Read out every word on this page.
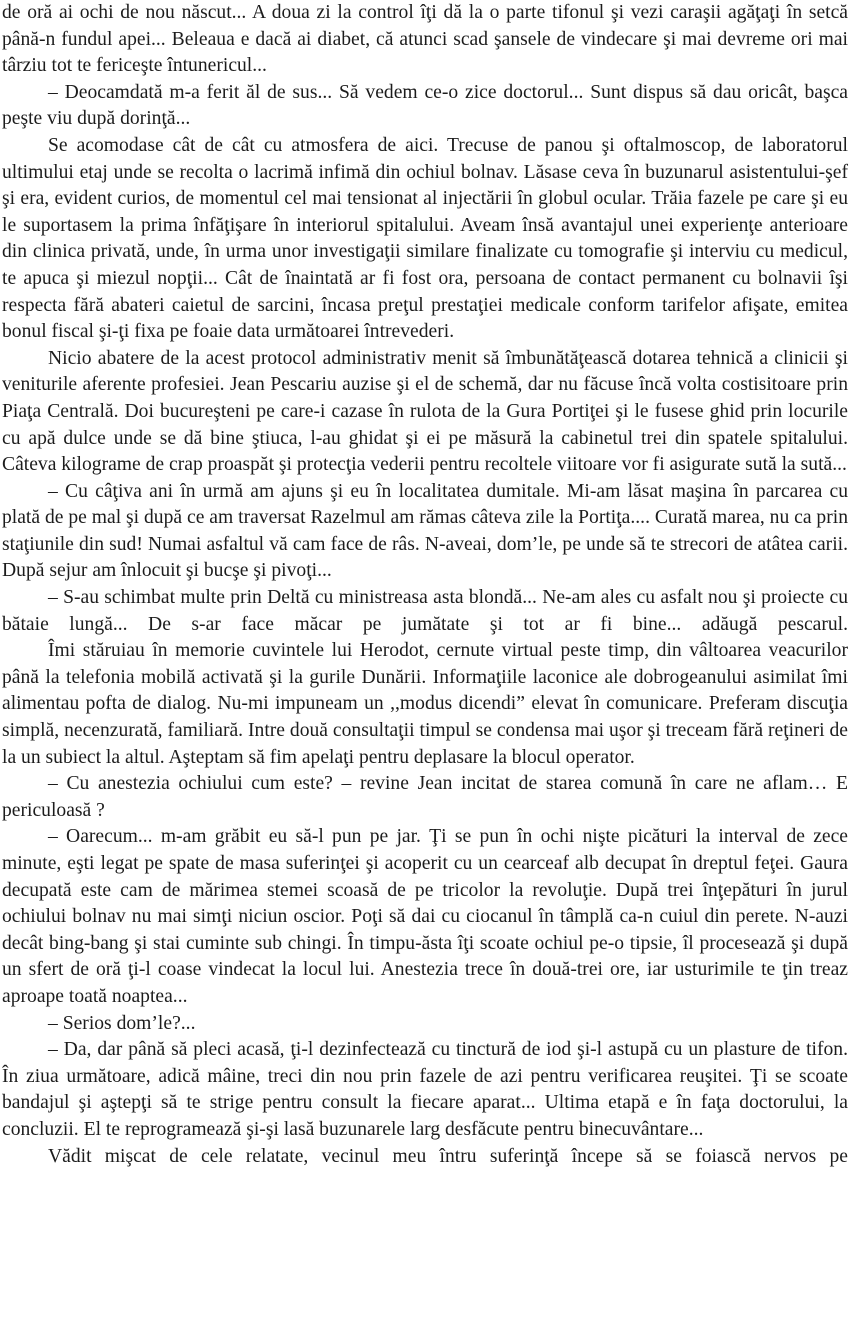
de oră ai ochi de nou născut... A doua zi la control îţi dă la o parte tifonul şi vezi caraşii agăţaţi în setcă până-n fundul apei... Beleaua e dacă ai diabet, că atunci scad şansele de vindecare şi mai devreme ori mai târziu tot te fericeşte întunericul...

– Deocamdată m-a ferit ăl de sus... Să vedem ce-o zice doctorul... Sunt dispus să dau oricât, başca peşte viu după dorinţă...

Se acomodase cât de cât cu atmosfera de aici. Trecuse de panou şi oftalmoscop, de laboratorul ultimului etaj unde se recolta o lacrimă infimă din ochiul bolnav. Lăsase ceva în buzunarul asistentului-şef şi era, evident curios, de momentul cel mai tensionat al injectării în globul ocular. Trăia fazele pe care şi eu le suportasem la prima înfăţişare în interiorul spitalului. Aveam însă avantajul unei experienţe anterioare din clinica privată, unde, în urma unor investigaţii similare finalizate cu tomografie şi interviu cu medicul, te apuca şi miezul nopţii... Cât de înaintată ar fi fost ora, persoana de contact permanent cu bolnavii îşi respecta fără abateri caietul de sarcini, încasa preţul prestaţiei medicale conform tarifelor afişate, emitea bonul fiscal şi-ţi fixa pe foaie data următoarei întrevederi.

Nicio abatere de la acest protocol administrativ menit să îmbunătăţească dotarea tehnică a clinicii şi veniturile aferente profesiei. Jean Pescariu auzise şi el de schemă, dar nu făcuse încă volta costisitoare prin Piaţa Centrală. Doi bucureşteni pe care-i cazase în rulota de la Gura Portiţei şi le fusese ghid prin locurile cu apă dulce unde se dă bine ştiuca, l-au ghidat şi ei pe măsură la cabinetul trei din spatele spitalului. Câteva kilograme de crap proaspăt şi protecţia vederii pentru recoltele viitoare vor fi asigurate sută la sută...

– Cu câţiva ani în urmă am ajuns şi eu în localitatea dumitale. Mi-am lăsat maşina în parcarea cu plată de pe mal şi după ce am traversat Razelmul am rămas câteva zile la Portiţa.... Curată marea, nu ca prin staţiunile din sud! Numai asfaltul vă cam face de râs. N-aveai, dom’le, pe unde să te strecori de atâtea carii. După sejur am înlocuit şi bucşe şi pivoţi...

– S-au schimbat multe prin Deltă cu ministreasa asta blondă... Ne-am ales cu asfalt nou şi proiecte cu bătaie lungă... De s-ar face măcar pe jumătate şi tot ar fi bine... adăugă pescarul.

Îmi stăruiau în memorie cuvintele lui Herodot, cernute virtual peste timp, din vâltoarea veacurilor până la telefonia mobilă activată şi la gurile Dunării. Informaţiile laconice ale dobrogeanului asimilat îmi alimentau pofta de dialog. Nu-mi impuneam un ,,modus dicendi” elevat în comunicare. Preferam discuţia simplă, necenzurată, familiară. Intre două consultaţii timpul se condensa mai uşor şi treceam fără reţineri de la un subiect la altul. Aşteptam să fim apelaţi pentru deplasare la blocul operator.

– Cu anestezia ochiului cum este? – revine Jean incitat de starea comună în care ne aflam… E periculoasă ?

– Oarecum... m-am grăbit eu să-l pun pe jar. Ţi se pun în ochi nişte picături la interval de zece minute, eşti legat pe spate de masa suferinţei şi acoperit cu un cearceaf alb decupat în dreptul feţei. Gaura decupată este cam de mărimea stemei scoasă de pe tricolor la revoluţie. După trei înţepături în jurul ochiului bolnav nu mai simţi niciun oscior. Poţi să dai cu ciocanul în tâmplă ca-n cuiul din perete. N-auzi decât bing-bang şi stai cuminte sub chingi. În timpu-ăsta îţi scoate ochiul pe-o tipsie, îl procesează şi după un sfert de oră ţi-l coase vindecat la locul lui. Anestezia trece în două-trei ore, iar usturimile te ţin treaz aproape toată noaptea...

– Serios dom’le?...

– Da, dar până să pleci acasă, ţi-l dezinfectează cu tinctură de iod şi-l astupă cu un plasture de tifon. În ziua următoare, adică mâine, treci din nou prin fazele de azi pentru verificarea reuşitei. Ţi se scoate bandajul şi aştepţi să te strige pentru consult la fiecare aparat... Ultima etapă e în faţa doctorului, la concluzii. El te reprogramează şi-şi lasă buzunarele larg desfăcute pentru binecuvântare...

Vădit mişcat de cele relatate, vecinul meu întru suferinţă începe să se foiască nervos pe
